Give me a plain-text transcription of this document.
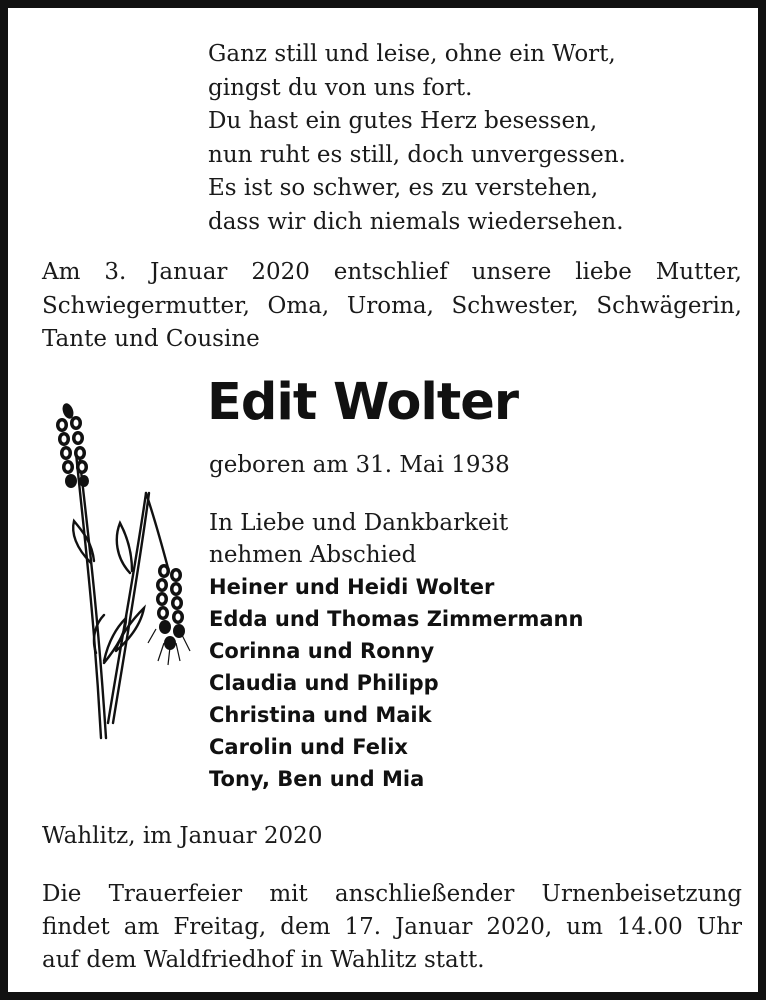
Ganz still und leise, ohne ein Wort,
gingst du von uns fort.
Du hast ein gutes Herz besessen,
nun ruht es still, doch unvergessen.
Es ist so schwer, es zu verstehen,
dass wir dich niemals wiedersehen.
Am 3. Januar 2020 entschlief unsere liebe Mutter,
Schwiegermutter, Oma, Uroma, Schwester, Schwägerin,
Tante und Cousine
Edit Wolter
geboren am 31. Mai 1938
In Liebe und Dankbarkeit
nehmen Abschied
Heiner und Heidi Wolter
Edda und Thomas Zimmermann
Corinna und Ronny
Claudia und Philipp
Christina und Maik
Carolin und Felix
Tony, Ben und Mia
Wahlitz, im Januar 2020
Die Trauerfeier mit anschließender Urnenbeisetzung
findet am Freitag, dem 17. Januar 2020, um 14.00 Uhr
auf dem Waldfriedhof in Wahlitz statt.
